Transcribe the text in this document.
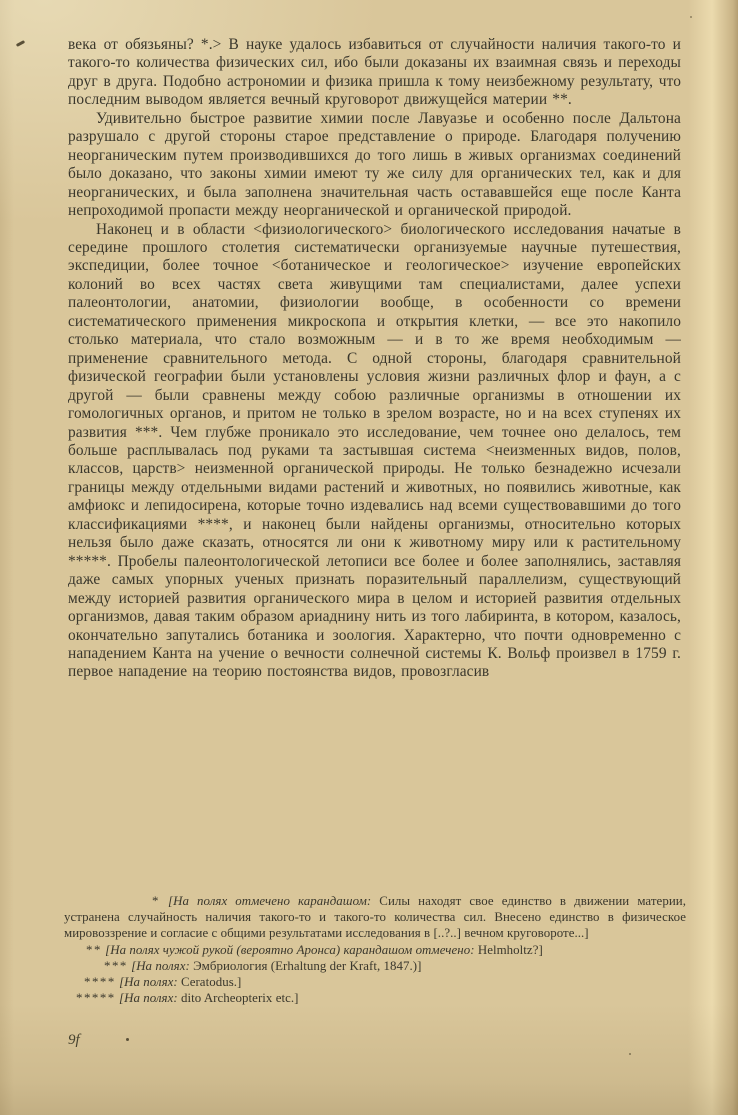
века от обязьяны? *.> В науке удалось избавиться от случайности наличия такого-то и такого-то количества физических сил, ибо были доказаны их взаимная связь и переходы друг в друга. Подобно астрономии и физика пришла к тому неизбежному результату, что последним выводом является вечный круговорот движущейся материи **.

Удивительно быстрое развитие химии после Лавуазье и особенно после Дальтона разрушало с другой стороны старое представление о природе. Благодаря получению неорганическим путем производившихся до того лишь в живых организмах соединений было доказано, что законы химии имеют ту же силу для органических тел, как и для неорганических, и была заполнена значительная часть остававшейся еще после Канта непроходимой пропасти между неорганической и органической природой.

Наконец и в области <физиологического> биологического исследования начатые в середине прошлого столетия систематически организуемые научные путешествия, экспедиции, более точное <ботаническое и геологическое> изучение европейских колоний во всех частях света живущими там специалистами, далее успехи палеонтологии, анатомии, физиологии вообще, в особенности со времени систематического применения микроскопа и открытия клетки, — все это накопило столько материала, что стало возможным — и в то же время необходимым — применение сравнительного метода. С одной стороны, благодаря сравнительной физической географии были установлены условия жизни различных флор и фаун, а с другой — были сравнены между собою различные организмы в отношении их гомологичных органов, и притом не только в зрелом возрасте, но и на всех ступенях их развития ***. Чем глубже проникало это исследование, чем точнее оно делалось, тем больше расплывалась под руками та застывшая система <неизменных видов, полов, классов, царств> неизменной органической природы. Не только безнадежно исчезали границы между отдельными видами растений и животных, но появились животные, как амфиокс и лепидосирена, которые точно издевались над всеми существовавшими до того классификациями ****, и наконец были найдены организмы, относительно которых нельзя было даже сказать, относятся ли они к животному миру или к растительному *****. Пробелы палеонтологической летописи все более и более заполнялись, заставляя даже самых упорных ученых признать поразительный параллелизм, существующий между историей развития органического мира в целом и историей развития отдельных организмов, давая таким образом ариаднину нить из того лабиринта, в котором, казалось, окончательно запутались ботаника и зоология. Характерно, что почти одновременно с нападением Канта на учение о вечности солнечной системы К. Вольф произвел в 1759 г. первое нападение на теорию постоянства видов, провозгласив

* [На полях отмечено карандашом: Силы находят свое единство в движении материи, устранена случайность наличия такого-то и такого-то количества сил. Внесено единство в физическое мировоззрение и согласие с общими результатами исследования в [..?..] вечном круговороте...]

** [На полях чужой рукой (вероятно Аронса) карандашом отмечено: Helmholtz?]

*** [На полях: Эмбриология (Erhaltung der Kraft, 1847.)]

**** [На полях: Ceratodus.]

***** [На полях: dito Archeopterix etc.]

9f
